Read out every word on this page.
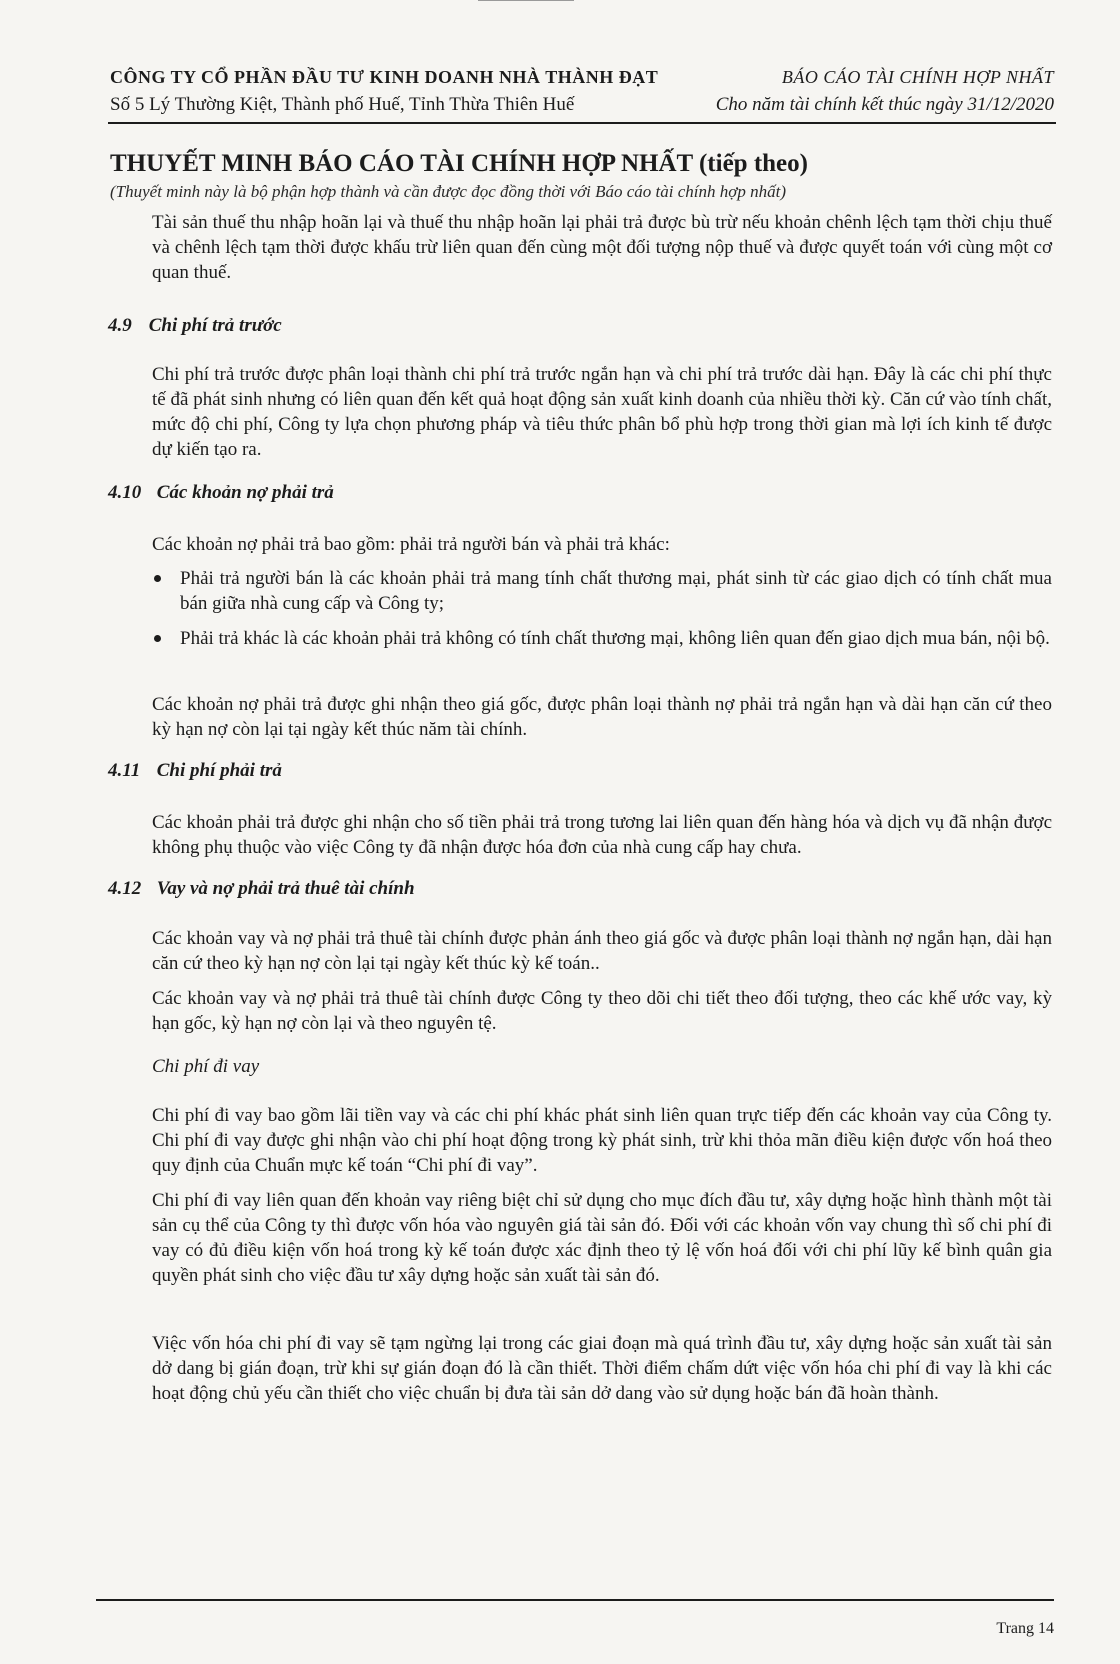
CÔNG TY CỔ PHẦN ĐẦU TƯ KINH DOANH NHÀ THÀNH ĐẠT
Số 5 Lý Thường Kiệt, Thành phố Huế, Tỉnh Thừa Thiên Huế
BÁO CÁO TÀI CHÍNH HỢP NHẤT
Cho năm tài chính kết thúc ngày 31/12/2020
THUYẾT MINH BÁO CÁO TÀI CHÍNH HỢP NHẤT (tiếp theo)
(Thuyết minh này là bộ phận hợp thành và cần được đọc đồng thời với Báo cáo tài chính hợp nhất)
Tài sản thuế thu nhập hoãn lại và thuế thu nhập hoãn lại phải trả được bù trừ nếu khoản chênh lệch tạm thời chịu thuế và chênh lệch tạm thời được khấu trừ liên quan đến cùng một đối tượng nộp thuế và được quyết toán với cùng một cơ quan thuế.
4.9 Chi phí trả trước
Chi phí trả trước được phân loại thành chi phí trả trước ngắn hạn và chi phí trả trước dài hạn. Đây là các chi phí thực tế đã phát sinh nhưng có liên quan đến kết quả hoạt động sản xuất kinh doanh của nhiều thời kỳ. Căn cứ vào tính chất, mức độ chi phí, Công ty lựa chọn phương pháp và tiêu thức phân bổ phù hợp trong thời gian mà lợi ích kinh tế được dự kiến tạo ra.
4.10 Các khoản nợ phải trả
Các khoản nợ phải trả bao gồm: phải trả người bán và phải trả khác:
Phải trả người bán là các khoản phải trả mang tính chất thương mại, phát sinh từ các giao dịch có tính chất mua bán giữa nhà cung cấp và Công ty;
Phải trả khác là các khoản phải trả không có tính chất thương mại, không liên quan đến giao dịch mua bán, nội bộ.
Các khoản nợ phải trả được ghi nhận theo giá gốc, được phân loại thành nợ phải trả ngắn hạn và dài hạn căn cứ theo kỳ hạn nợ còn lại tại ngày kết thúc năm tài chính.
4.11 Chi phí phải trả
Các khoản phải trả được ghi nhận cho số tiền phải trả trong tương lai liên quan đến hàng hóa và dịch vụ đã nhận được không phụ thuộc vào việc Công ty đã nhận được hóa đơn của nhà cung cấp hay chưa.
4.12 Vay và nợ phải trả thuê tài chính
Các khoản vay và nợ phải trả thuê tài chính được phản ánh theo giá gốc và được phân loại thành nợ ngắn hạn, dài hạn căn cứ theo kỳ hạn nợ còn lại tại ngày kết thúc kỳ kế toán..
Các khoản vay và nợ phải trả thuê tài chính được Công ty theo dõi chi tiết theo đối tượng, theo các khế ước vay, kỳ hạn gốc, kỳ hạn nợ còn lại và theo nguyên tệ.
Chi phí đi vay
Chi phí đi vay bao gồm lãi tiền vay và các chi phí khác phát sinh liên quan trực tiếp đến các khoản vay của Công ty. Chi phí đi vay được ghi nhận vào chi phí hoạt động trong kỳ phát sinh, trừ khi thỏa mãn điều kiện được vốn hoá theo quy định của Chuẩn mực kế toán “Chi phí đi vay”.
Chi phí đi vay liên quan đến khoản vay riêng biệt chỉ sử dụng cho mục đích đầu tư, xây dựng hoặc hình thành một tài sản cụ thể của Công ty thì được vốn hóa vào nguyên giá tài sản đó. Đối với các khoản vốn vay chung thì số chi phí đi vay có đủ điều kiện vốn hoá trong kỳ kế toán được xác định theo tỷ lệ vốn hoá đối với chi phí lũy kế bình quân gia quyền phát sinh cho việc đầu tư xây dựng hoặc sản xuất tài sản đó.
Việc vốn hóa chi phí đi vay sẽ tạm ngừng lại trong các giai đoạn mà quá trình đầu tư, xây dựng hoặc sản xuất tài sản dở dang bị gián đoạn, trừ khi sự gián đoạn đó là cần thiết. Thời điểm chấm dứt việc vốn hóa chi phí đi vay là khi các hoạt động chủ yếu cần thiết cho việc chuẩn bị đưa tài sản dở dang vào sử dụng hoặc bán đã hoàn thành.
Trang 14
